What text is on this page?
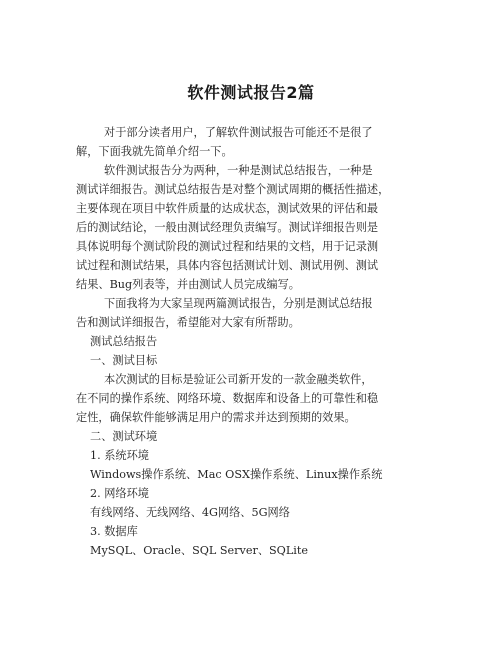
软件测试报告2篇
对于部分读者用户，了解软件测试报告可能还不是很了
解，下面我就先简单介绍一下。
软件测试报告分为两种，一种是测试总结报告，一种是
测试详细报告。测试总结报告是对整个测试周期的概括性描述，
主要体现在项目中软件质量的达成状态，测试效果的评估和最
后的测试结论，一般由测试经理负责编写。测试详细报告则是
具体说明每个测试阶段的测试过程和结果的文档，用于记录测
试过程和测试结果，具体内容包括测试计划、测试用例、测试
结果、Bug列表等，并由测试人员完成编写。
下面我将为大家呈现两篇测试报告，分别是测试总结报
告和测试详细报告，希望能对大家有所帮助。
测试总结报告
一、测试目标
本次测试的目标是验证公司新开发的一款金融类软件，
在不同的操作系统、网络环境、数据库和设备上的可靠性和稳
定性，确保软件能够满足用户的需求并达到预期的效果。
二、测试环境
1. 系统环境
Windows操作系统、Mac OSX操作系统、Linux操作系统
2. 网络环境
有线网络、无线网络、4G网络、5G网络
3. 数据库
MySQL、Oracle、SQL Server、SQLite
